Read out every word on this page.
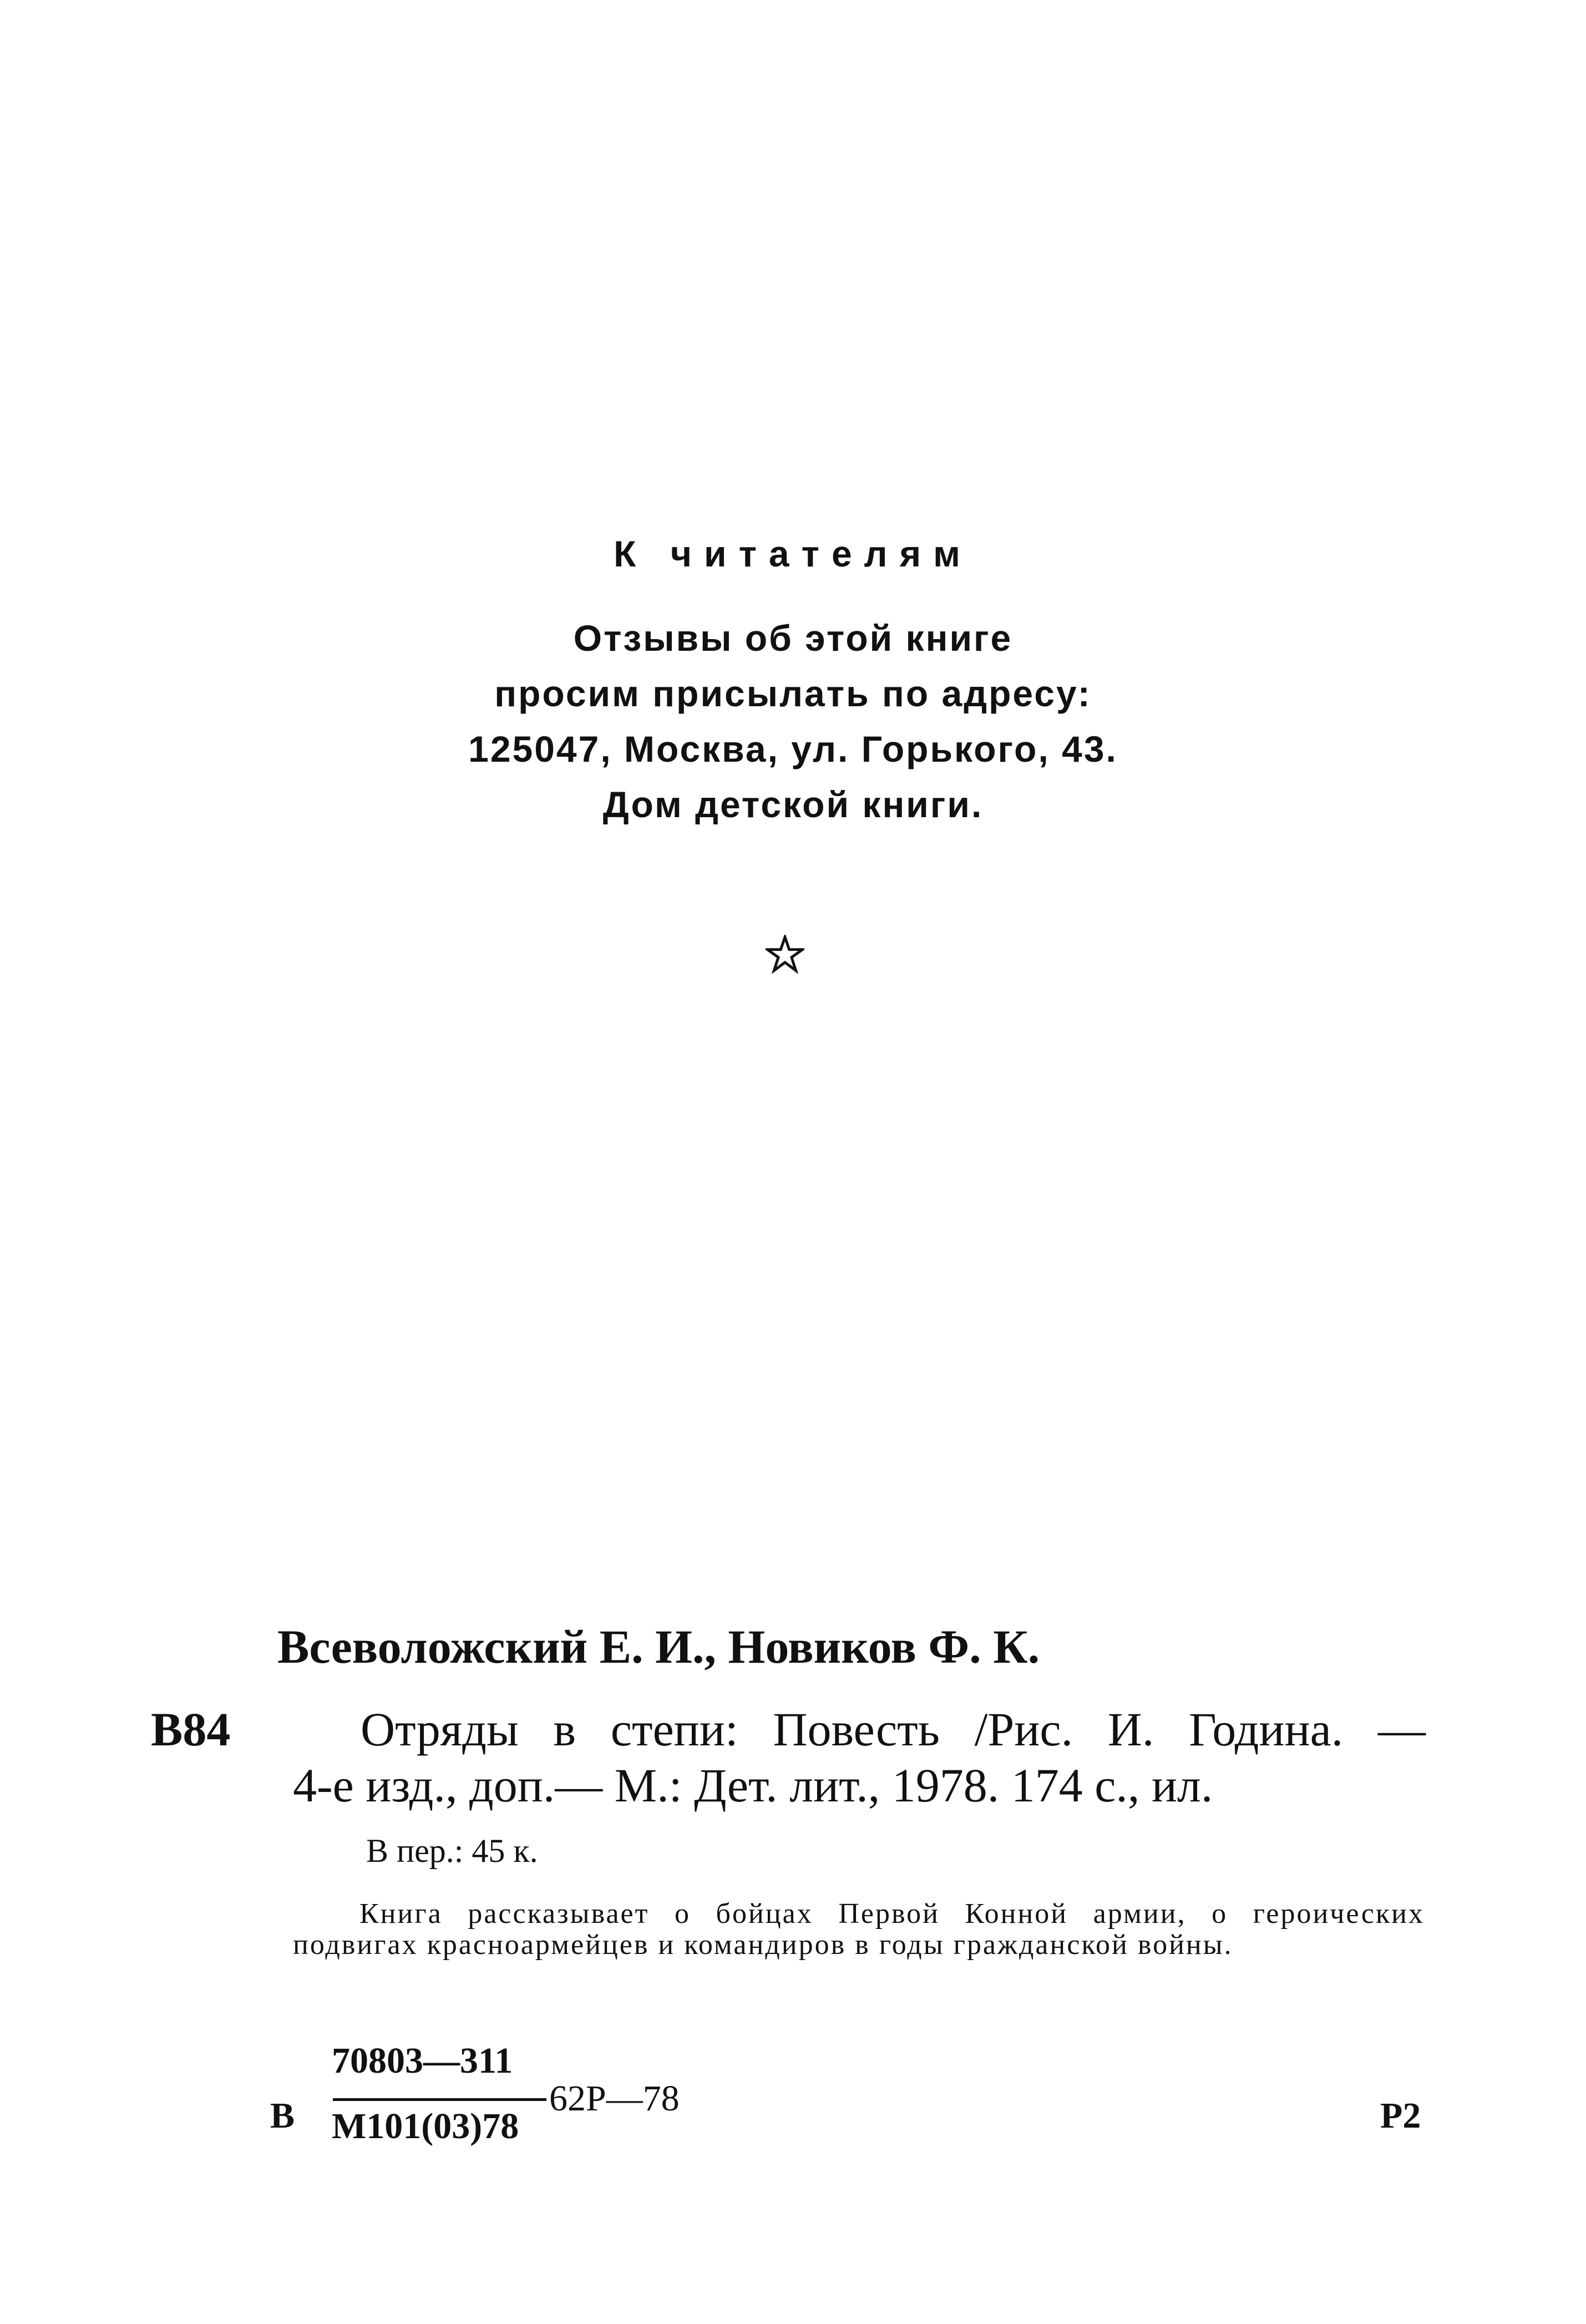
К читателям
Отзывы об этой книге
просим присылать по адресу:
125047, Москва, ул. Горького, 43.
Дом детской книги.
Всеволожский Е. И., Новиков Ф. К.
В84	Отряды в степи: Повесть /Рис. И. Година. —
4-е изд., доп.— М.: Дет. лит., 1978. 174 с., ил.
В пер.: 45 к.
Книга рассказывает о бойцах Первой Конной армии, о героических подвигах красноармейцев и командиров в годы гражданской войны.
В
70803—311
М101(03)78
62Р—78	Р2
